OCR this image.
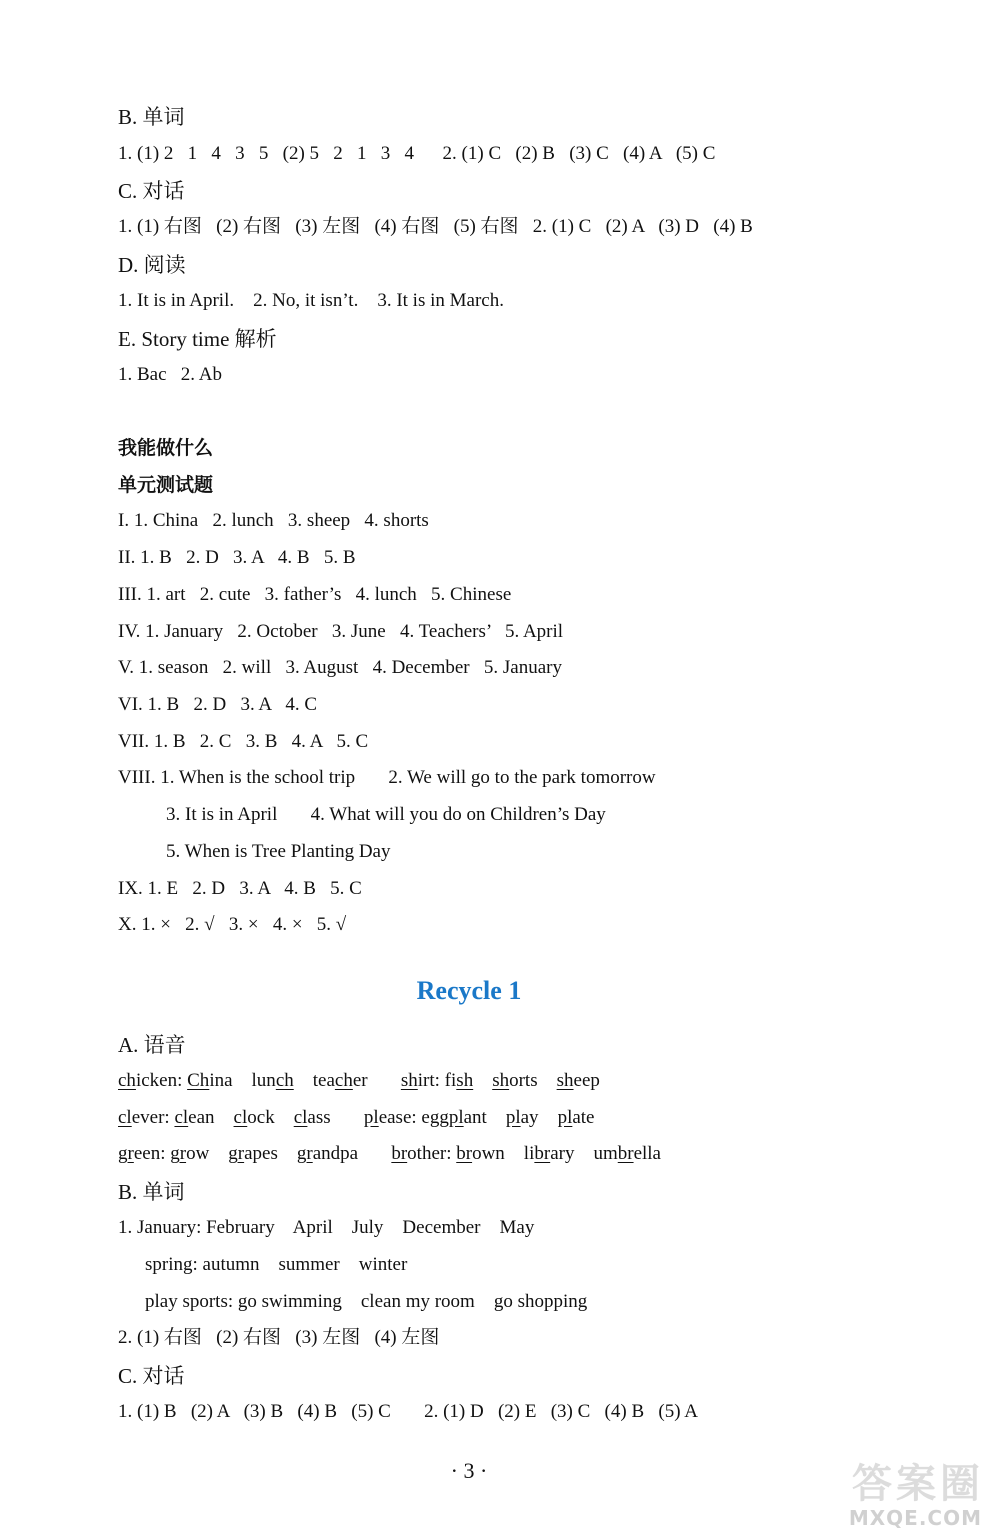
B. 单词
1. (1) 2   1   4   3   5   (2) 5   2   1   3   4      2. (1) C   (2) B   (3) C   (4) A   (5) C
C. 对话
1. (1) 右图   (2) 右图   (3) 左图   (4) 右图   (5) 右图   2. (1) C   (2) A   (3) D   (4) B
D. 阅读
1. It is in April.    2. No, it isn’t.    3. It is in March.
E. Story time 解析
1. Bac   2. Ab
我能做什么
单元测试题
I. 1. China   2. lunch   3. sheep   4. shorts
II. 1. B   2. D   3. A   4. B   5. B
III. 1. art   2. cute   3. father’s   4. lunch   5. Chinese
IV. 1. January   2. October   3. June   4. Teachers’   5. April
V. 1. season   2. will   3. August   4. December   5. January
VI. 1. B   2. D   3. A   4. C
VII. 1. B   2. C   3. B   4. A   5. C
VIII. 1. When is the school trip       2. We will go to the park tomorrow
3. It is in April       4. What will you do on Children’s Day
5. When is Tree Planting Day
IX. 1. E   2. D   3. A   4. B   5. C
X. 1. ×   2. √   3. ×   4. ×   5. √
Recycle 1
A. 语音
chicken: China    lunch    teacher       shirt: fish shorts    sheep
clever: clean    clock    class       please: eggplant    play    plate
green: grow    grapes    grandpa       brother: brown    library    umbrella
B. 单词
1. January: February    April    July    December    May
spring: autumn    summer    winter
play sports: go swimming    clean my room    go shopping
2. (1) 右图   (2) 右图   (3) 左图   (4) 左图
C. 对话
1. (1) B   (2) A   (3) B   (4) B   (5) C       2. (1) D   (2) E   (3) C   (4) B   (5) A
· 3 ·	答案圈
MXQE.COM
